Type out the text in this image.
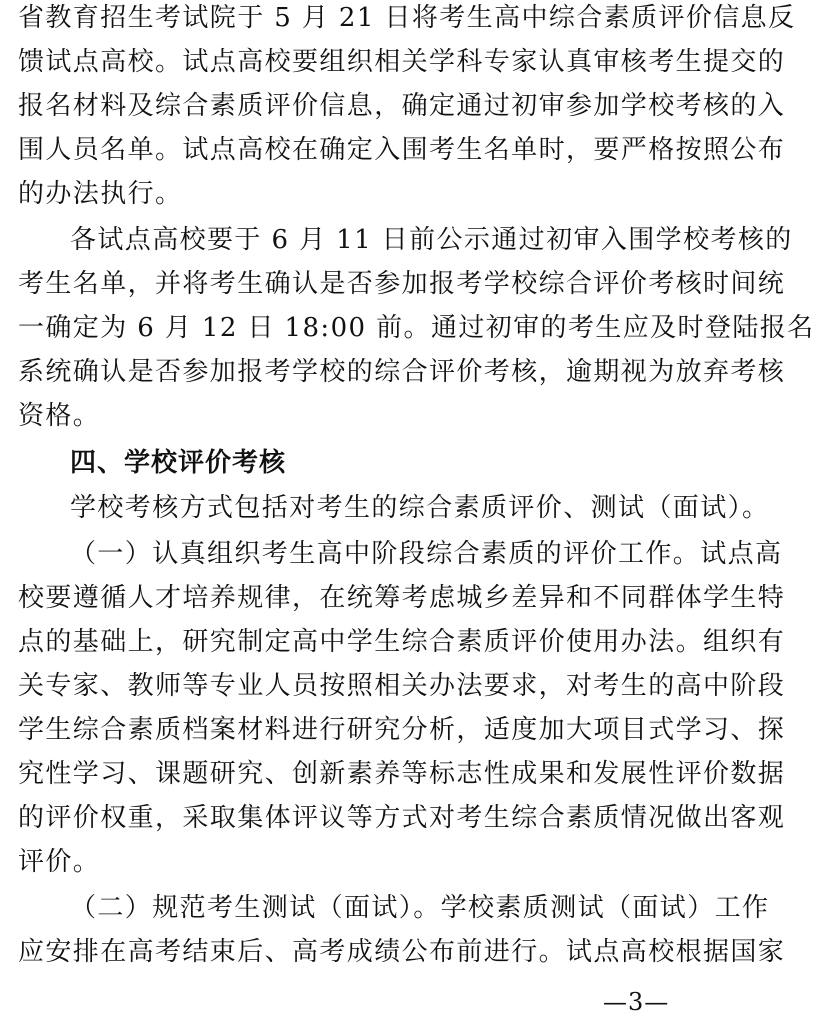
省教育招生考试院于 5 月 21 日将考生高中综合素质评价信息反
馈试点高校。试点高校要组织相关学科专家认真审核考生提交的
报名材料及综合素质评价信息，确定通过初审参加学校考核的入
围人员名单。试点高校在确定入围考生名单时，要严格按照公布
的办法执行。
各试点高校要于 6 月 11 日前公示通过初审入围学校考核的
考生名单，并将考生确认是否参加报考学校综合评价考核时间统
一确定为 6 月 12 日 18:00 前。通过初审的考生应及时登陆报名
系统确认是否参加报考学校的综合评价考核，逾期视为放弃考核
资格。
四、学校评价考核
学校考核方式包括对考生的综合素质评价、测试（面试）。
（一）认真组织考生高中阶段综合素质的评价工作。试点高
校要遵循人才培养规律，在统筹考虑城乡差异和不同群体学生特
点的基础上，研究制定高中学生综合素质评价使用办法。组织有
关专家、教师等专业人员按照相关办法要求，对考生的高中阶段
学生综合素质档案材料进行研究分析，适度加大项目式学习、探
究性学习、课题研究、创新素养等标志性成果和发展性评价数据
的评价权重，采取集体评议等方式对考生综合素质情况做出客观
评价。
（二）规范考生测试（面试）。学校素质测试（面试）工作
应安排在高考结束后、高考成绩公布前进行。试点高校根据国家
—3—
